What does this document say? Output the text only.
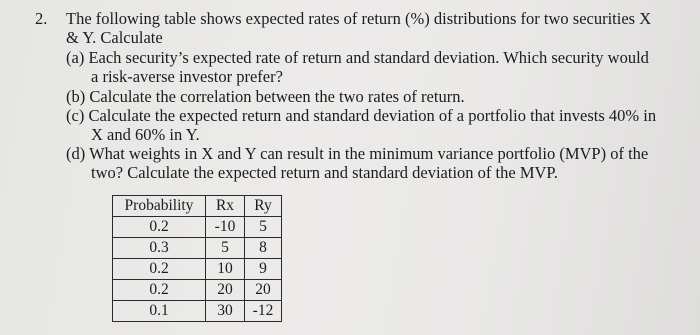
2. The following table shows expected rates of return (%) distributions for two securities X
& Y. Calculate
(a) Each security’s expected rate of return and standard deviation. Which security would
a risk-averse investor prefer?
(b) Calculate the correlation between the two rates of return.
(c) Calculate the expected return and standard deviation of a portfolio that invests 40% in
X and 60% in Y.
(d) What weights in X and Y can result in the minimum variance portfolio (MVP) of the
two? Calculate the expected return and standard deviation of the MVP.
Probability	Rx	Ry
0.2	-10	5
0.3	5	8
0.2	10	9
0.2	20	20
0.1	30	-12
